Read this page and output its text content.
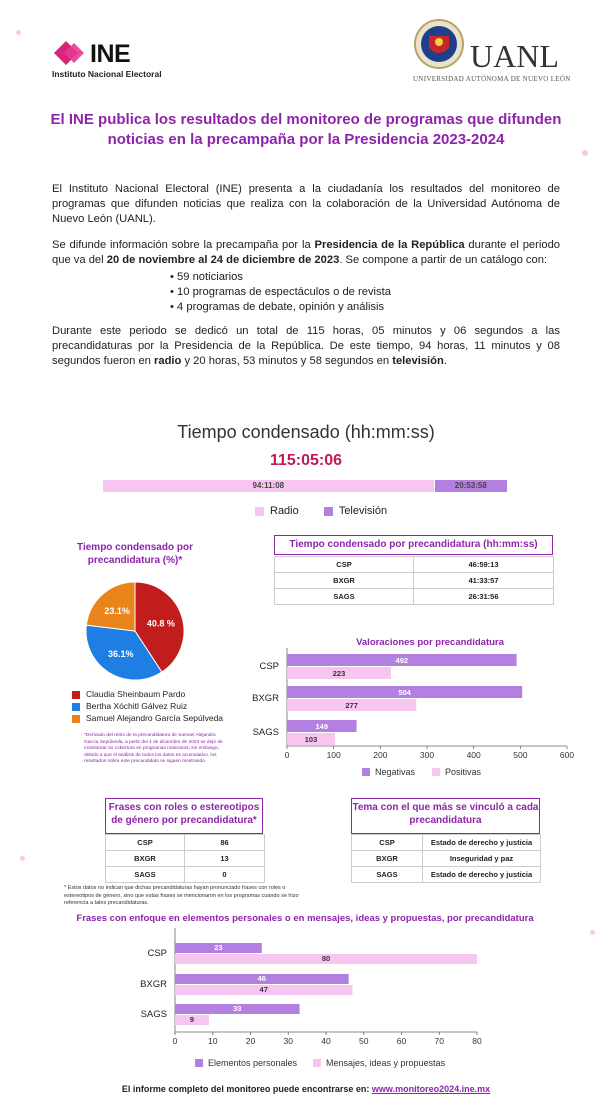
INE
Instituto Nacional Electoral	UANL
UNIVERSIDAD AUTÓNOMA DE NUEVO LEÓN
El INE publica los resultados del monitoreo de programas que difunden noticias en la precampaña por la Presidencia 2023-2024
El Instituto Nacional Electoral (INE) presenta a la ciudadanía los resultados del monitoreo de programas que difunden noticias que realiza con la colaboración de la Universidad Autónoma de Nuevo León (UANL).
Se difunde información sobre la precampaña por la Presidencia de la República durante el periodo que va del 20 de noviembre al 24 de diciembre de 2023. Se compone a partir de un catálogo con:
• 59 noticiarios
• 10 programas de espectáculos o de revista
• 4 programas de debate, opinión y análisis
Durante este periodo se dedicó un total de 115 horas, 05 minutos y 06 segundos a las precandidaturas por la Presidencia de la República. De este tiempo, 94 horas, 11 minutos y 08 segundos fueron en radio y 20 horas, 53 minutos y 58 segundos en televisión.
Tiempo condensado (hh:mm:ss)
115:05:06
94:11:08	20:53:58
Radio	Televisión
Tiempo condensado por precandidatura (%)*
40.8 %
36.1%
23.1%
Claudia Sheinbaum Pardo
Bertha Xóchitl Gálvez Ruiz
Samuel Alejandro García Sepúlveda
*Derivado del retiro de la precandidatura de Samuel Alejandro García Sepúlveda, a partir del 4 de diciembre de 2023 se dejó de monitorear su cobertura en programas noticiosos; sin embargo, debido a que el análisis de todos los datos es acumulativo, los resultados sobre este precandidato se siguen mostrando
Tiempo condensado por precandidatura (hh:mm:ss)
CSP	46:59:13
BXGR	41:33:57
SAGS	26:31:56
Valoraciones por precandidatura
0	100	200	300	400	500	600
CSP
492
223
BXGR
504
277
SAGS
149
103
Negativas	Positivas
Frases con roles o estereotipos de género por precandidatura*
CSP	86
BXGR	13
SAGS	0
* Estos datos no indican que dichas precandidaturas hayan pronunciado frases con roles o estereotipos de género, sino que estas frases se mencionaron en los programas cuando se hizo referencia a tales precandidaturas.
Tema con el que más se vinculó a cada precandidatura
CSP	Estado de derecho y justicia
BXGR	Inseguridad y paz
SAGS	Estado de derecho y justicia
Frases con enfoque en elementos personales o en mensajes, ideas y propuestas, por precandidatura
0	10	20	30	40	50	60	70	80
CSP
23
80
BXGR
46
47
SAGS
33
9
Elementos personales	Mensajes, ideas y propuestas
El informe completo del monitoreo puede encontrarse en: www.monitoreo2024.ine.mx
